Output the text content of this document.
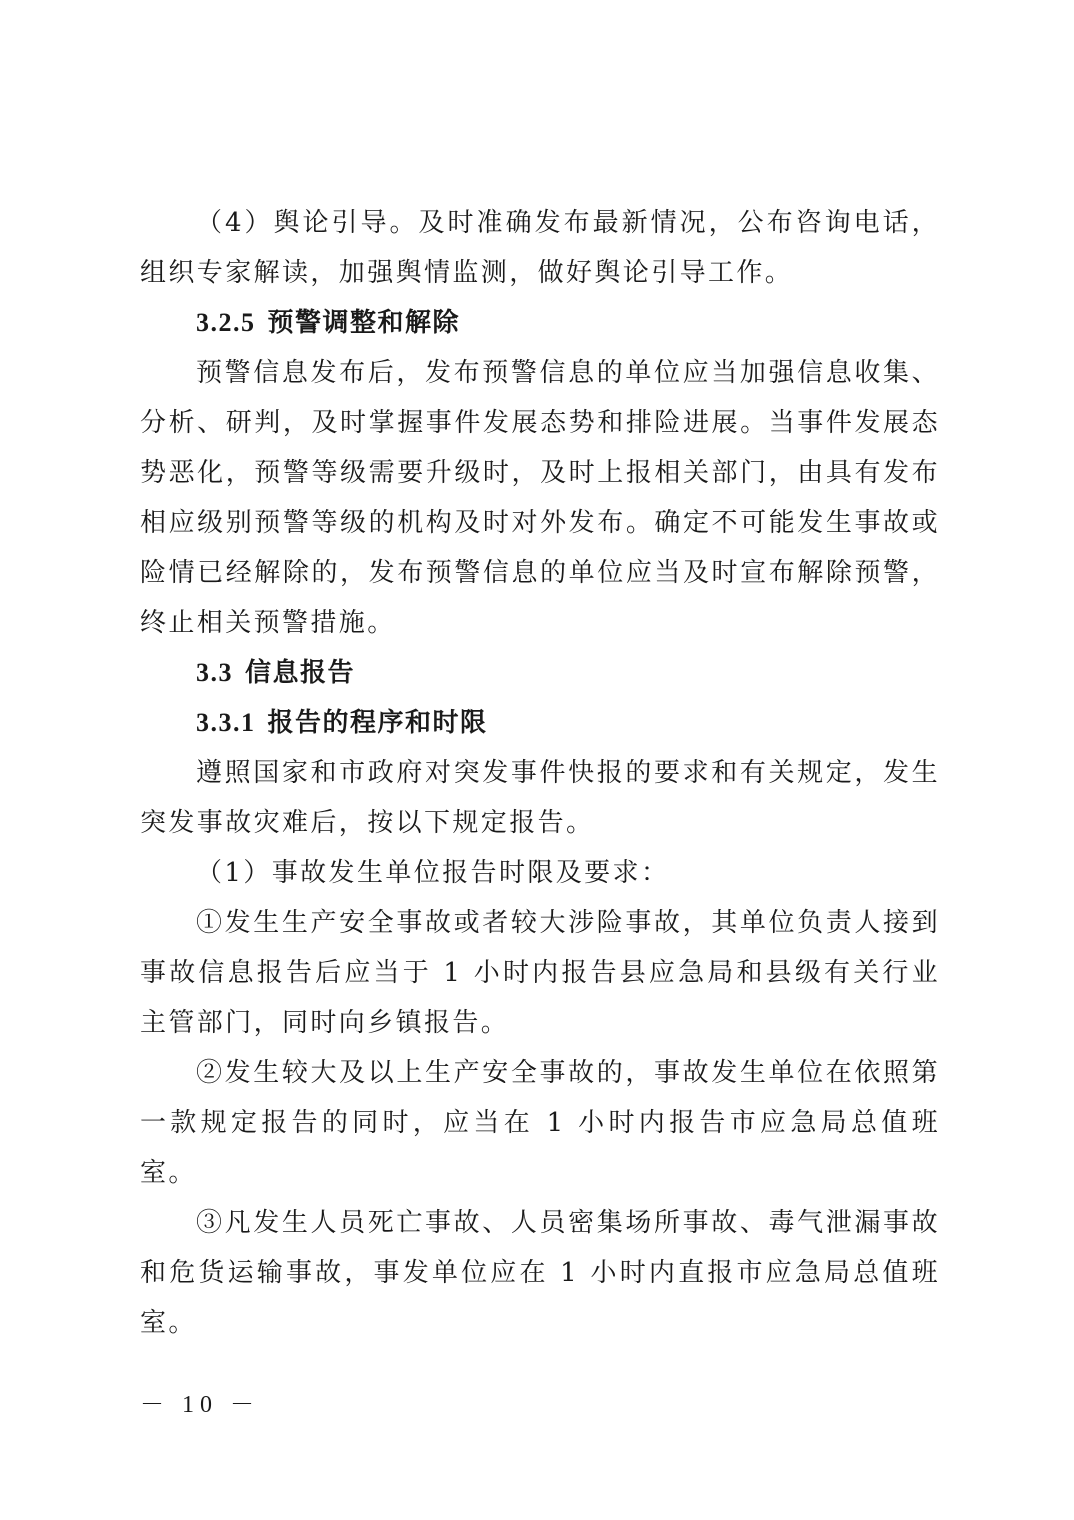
（4）舆论引导。及时准确发布最新情况，公布咨询电话，组织专家解读，加强舆情监测，做好舆论引导工作。

3.2.5 预警调整和解除

预警信息发布后，发布预警信息的单位应当加强信息收集、分析、研判，及时掌握事件发展态势和排险进展。当事件发展态势恶化，预警等级需要升级时，及时上报相关部门，由具有发布相应级别预警等级的机构及时对外发布。确定不可能发生事故或险情已经解除的，发布预警信息的单位应当及时宣布解除预警，终止相关预警措施。

3.3 信息报告

3.3.1 报告的程序和时限

遵照国家和市政府对突发事件快报的要求和有关规定，发生突发事故灾难后，按以下规定报告。

（1）事故发生单位报告时限及要求：

①发生生产安全事故或者较大涉险事故，其单位负责人接到事故信息报告后应当于 1 小时内报告县应急局和县级有关行业主管部门，同时向乡镇报告。

②发生较大及以上生产安全事故的，事故发生单位在依照第一款规定报告的同时，应当在 1 小时内报告市应急局总值班室。

③凡发生人员死亡事故、人员密集场所事故、毒气泄漏事故和危货运输事故，事发单位应在 1 小时内直报市应急局总值班室。

－ 10 －
